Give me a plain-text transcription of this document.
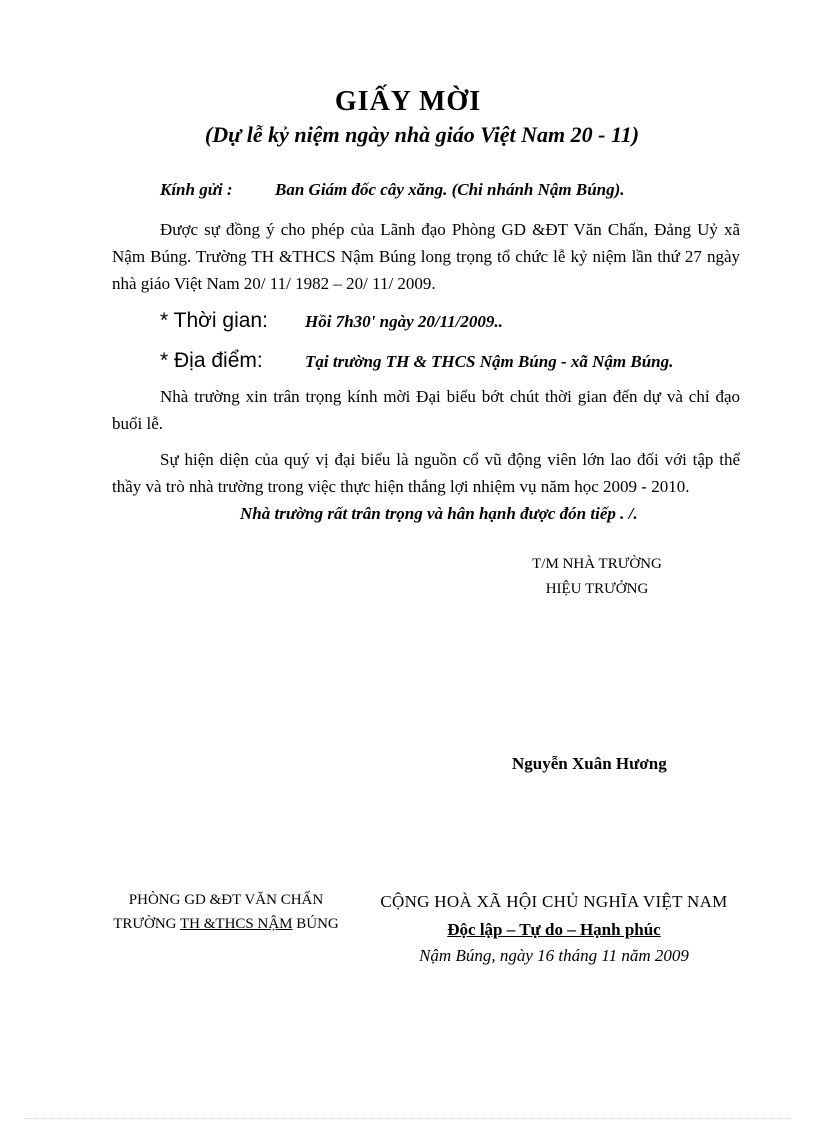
GIẤY MỜI
(Dự lễ kỷ niệm ngày nhà giáo Việt Nam 20 - 11)
Kính gửi : Ban Giám đốc cây xăng. (Chi nhánh Nậm Búng).
Được sự đồng ý cho phép của Lãnh đạo Phòng GD &ĐT Văn Chấn, Đảng Uỷ xã Nậm Búng. Trường TH &THCS Nậm Búng long trọng tổ chức lễ kỷ niệm lần thứ 27 ngày nhà giáo Việt Nam 20/ 11/ 1982 – 20/ 11/ 2009.
* Thời gian: Hồi 7h30' ngày 20/11/2009..
* Địa điểm: Tại trường TH & THCS Nậm Búng - xã Nậm Búng.
Nhà trường xin trân trọng kính mời Đại biểu bớt chút thời gian đến dự và chỉ đạo buổi lễ.
Sự hiện diện của quý vị đại biểu là nguồn cổ vũ động viên lớn lao đối với tập thể thầy và trò nhà trường trong việc thực hiện thắng lợi nhiệm vụ năm học 2009 - 2010.
Nhà trường rất trân trọng và hân hạnh được đón tiếp . /.
T/M NHÀ TRƯỜNG
HIỆU TRƯỞNG
Nguyễn Xuân Hương
PHÒNG GD &ĐT VĂN CHẤN
TRƯỜNG TH &THCS NẬM BÚNG
CỘNG HOÀ XÃ HỘI CHỦ NGHĨA VIỆT NAM
Độc lập – Tự do – Hạnh phúc
Nậm Búng, ngày 16 tháng 11 năm 2009
